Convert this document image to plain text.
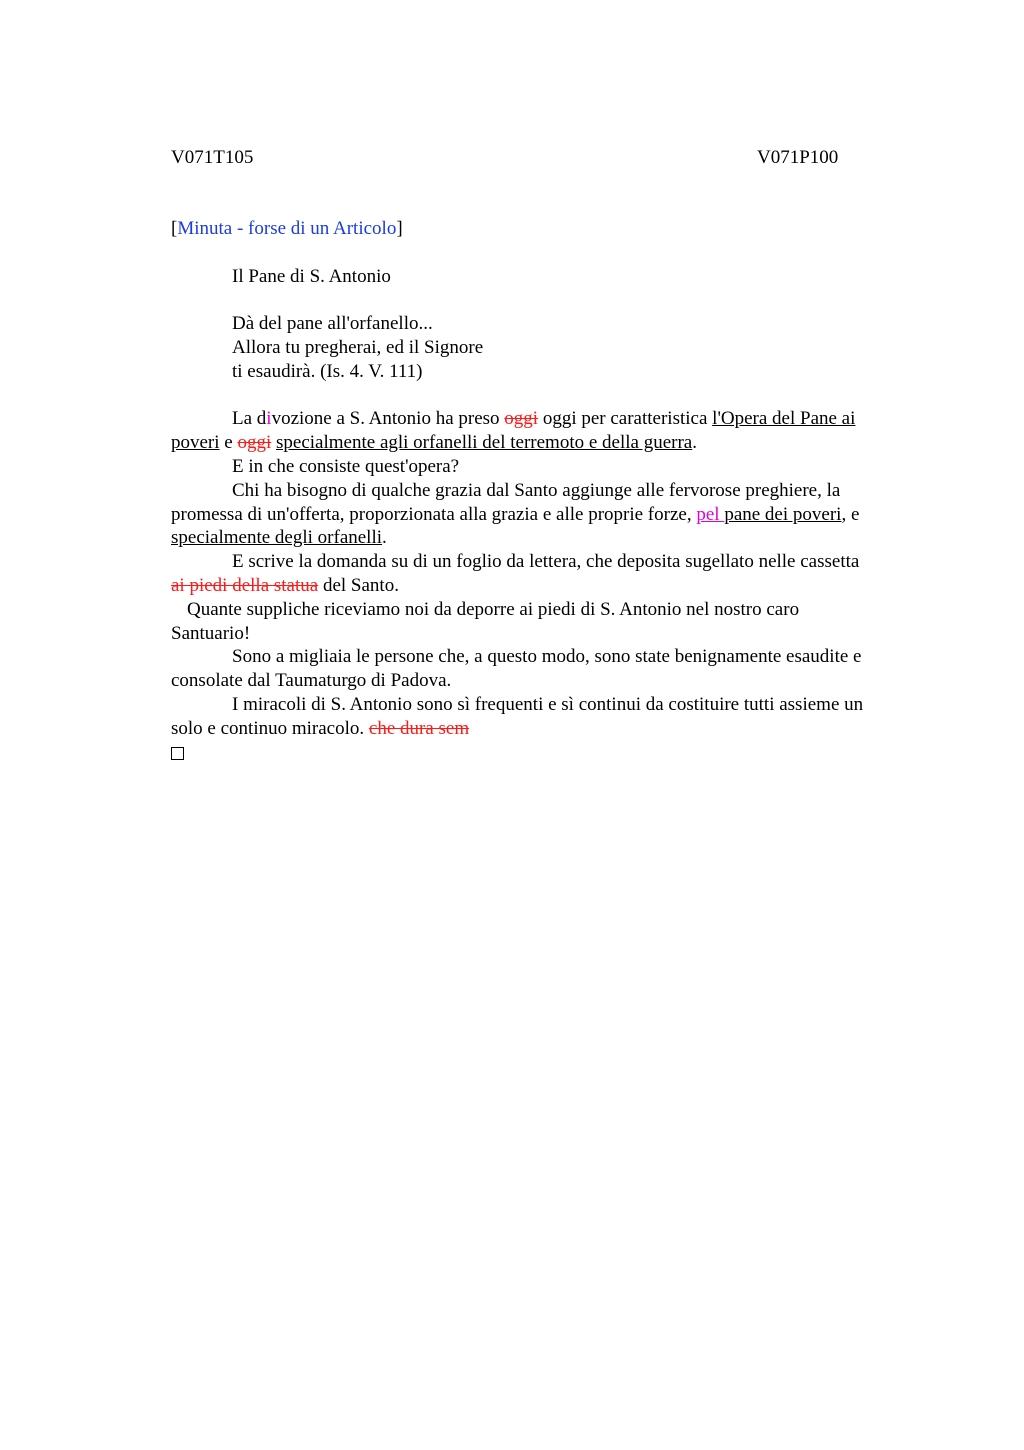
V071T105	V071P100
[Minuta - forse di un Articolo]
Il Pane di S. Antonio
Dà del pane all'orfanello...
Allora tu pregherai, ed il Signore
ti esaudirà. (Is. 4. V. 111)
La divozione a S. Antonio ha preso oggi oggi per caratteristica l'Opera del Pane ai
poveri e oggi specialmente agli orfanelli del terremoto e della guerra.
E in che consiste quest'opera?
Chi ha bisogno di qualche grazia dal Santo aggiunge alle fervorose preghiere, la
promessa di un'offerta, proporzionata alla grazia e alle proprie forze, pel pane dei poveri, e
specialmente degli orfanelli.
E scrive la domanda su di un foglio da lettera, che deposita sugellato nelle cassetta
ai piedi della statua del Santo.
Quante suppliche riceviamo noi da deporre ai piedi di S. Antonio nel nostro caro
Santuario!
Sono a migliaia le persone che, a questo modo, sono state benignamente esaudite e
consolate dal Taumaturgo di Padova.
I miracoli di S. Antonio sono sì frequenti e sì continui da costituire tutti assieme un
solo e continuo miracolo. che dura sem
